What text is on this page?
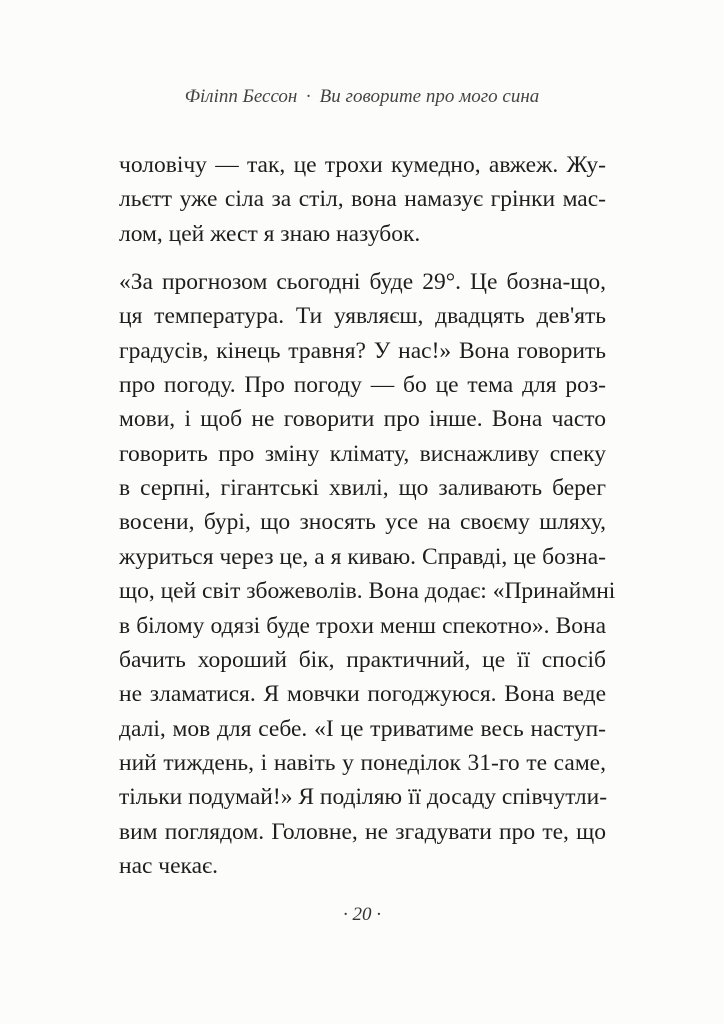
Філіпп Бессон · Ви говорите про мого сина
чоловічу — так, це трохи кумедно, авжеж. Жу-
льєтт уже сіла за стіл, вона намазує грінки мас-
лом, цей жест я знаю назубок.
«За прогнозом сьогодні буде 29°. Це бозна-що,
ця температура. Ти уявляєш, двадцять дев'ять
градусів, кінець травня? У нас!» Вона говорить
про погоду. Про погоду — бо це тема для роз-
мови, і щоб не говорити про інше. Вона часто
говорить про зміну клімату, виснажливу спеку
в серпні, гігантські хвилі, що заливають берег
восени, бурі, що зносять усе на своєму шляху,
журиться через це, а я киваю. Справді, це бозна-
що, цей світ збожеволів. Вона додає: «Принаймні
в білому одязі буде трохи менш спекотно». Вона
бачить хороший бік, практичний, це її спосіб
не зламатися. Я мовчки погоджуюся. Вона веде
далі, мов для себе. «І це триватиме весь наступ-
ний тиждень, і навіть у понеділок 31-го те саме,
тільки подумай!» Я поділяю її досаду співчутли-
вим поглядом. Головне, не згадувати про те, що
нас чекає.
· 20 ·
